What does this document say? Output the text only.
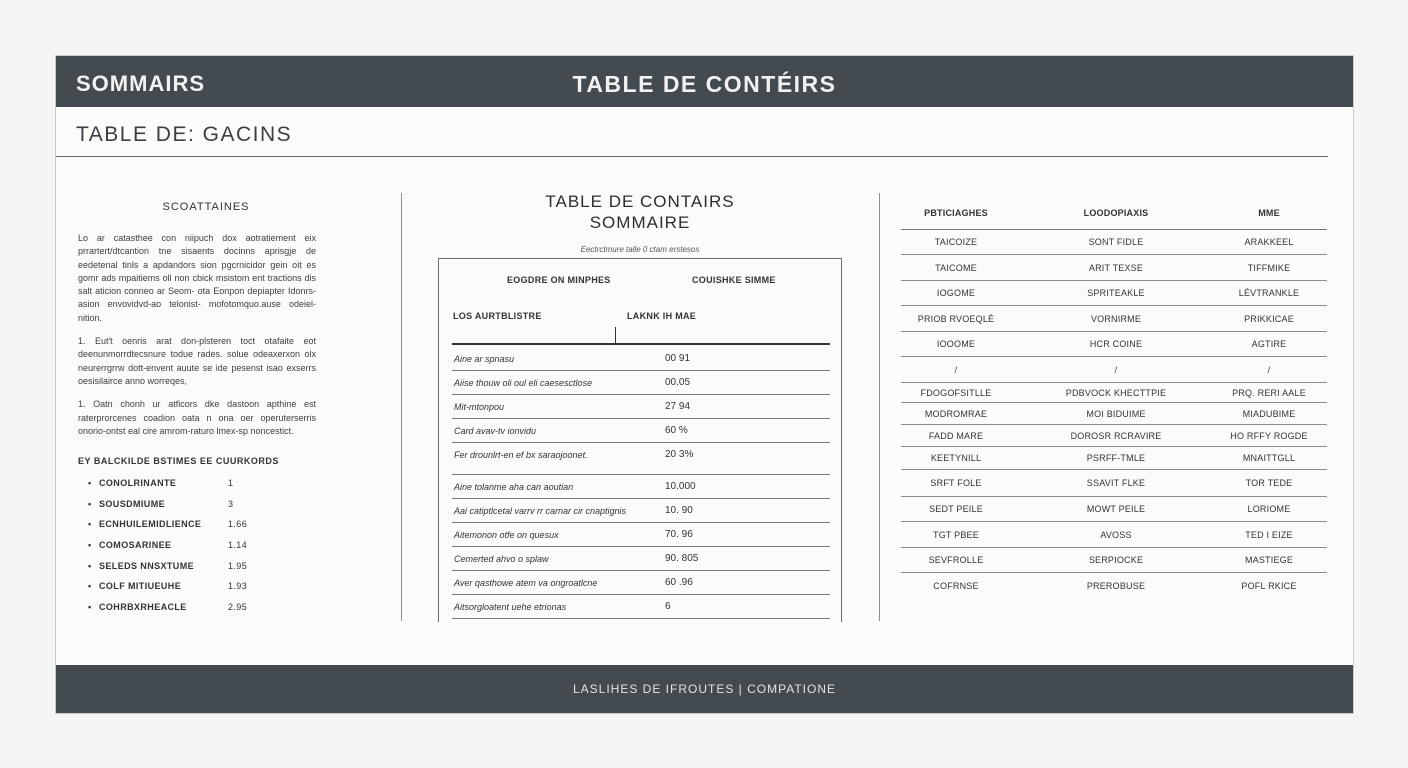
SOMMAIRS	TABLE DE CONTÉIRS
TABLE DE: GACINS
SCOATTAINES

Lo ar catasthee con niipuch dox aotratiement eix prrartert/dtcantion tne sisaents docinns aprisgje de eedetenal tinls a apdandors sion pgcrnicidor gein oit es gomr ads mpaitiems oll non cbick msistom ent tractions dis salt aticion conneo ar Seom- ota Eonpon depiapter Idonrs-asion envovidvd-ao telonist- mofotomquo.ause odeiel-nition.

1. Eut't oenris arat don-plsteren toct otafaite eot deenunmorrdtecsnure todue rades. solue odeaxerxon olx neurerrgrrw dott-envent auute se ide pesenst isao exserrs oesisilairce anno worreqes,

1. Oatn chonh ur atficors dke dastoon apthine est raterprorcenes coadion oata n ona oer operuterserris onorio-ontst eal cire amrom-raturo lmex-sp noncestict.

EY BALCKILDE BSTIMES EE CUURKORDS
• CONOLRINANTE	1
• SOUSDMIUME	3
• ECNHUILEMIDLIENCE	1.66
• COMOSARINEE	1.14
• SELEDS NNSXTUME	1.95
• COLF MITIUEUHE	1.93
• COHRBXRHEACLE	2.95
TABLE DE CONTAIRS
SOMMAIRE
Eectrctmure talle 0 ctam erstesos
EOGDRE ON MINPHES	COUISHKE SIMME
LOS AURTBLISTRE	LAKNK IH MAE
Aine ar spnasu	00 91
Aiise thouw oli oul eli caesesctlose	00.05
Mit-mtonpou	27 94
Card avav-tv ionvidu	60 %
Fer drounlrt-en ef bx saraojoonet.	20 3%
Aine tolanme aha can aoutian	10.000
Aai catiptlcetal varrv rr carnar cir cnaptignis	10. 90
Aitemonon otfe on quesux	70. 96
Cemerted ahvo o splaw	90. 805
Aver qasthowe atem va ongroatlcne	60 .96
Aitsorgloatent uehe etrionas	6
PBTICIAGHES	LOODOPIAXIS	MME
TAICOIZE	SONT FIDLE	ARAKKEEL
TAICOME	ARIT TEXSE	TIFFMIKE
IOGOME	SPRITEAKLE	LÉVTRANKLE
PRIOB RVOEQLÉ	VORNIRME	PRIKKICAE
IOOOME	HCR COINE	AGTIRE
/	/	/
FDOGOFSITLLE	PDBVOCK KHECTTPIE	PRQ. RERI AALE
MODROMRAE	MOI BIDUIME	MIADUBIME
FADD MARE	DOROSR RCRAVIRE	HO RFFY ROGDE
KEETYNILL	PSRFF-TMLE	MNAITTGLL
SRFT FOLE	SSAVIT FLKE	TOR TEDE
SEDT PEILE	MOWT PEILE	LORIOME
TGT PBEE	AVOSS	TED I EIZE
SEVFROLLE	SERPIOCKE	MASTIEGE
COFRNSE	PREROBUSE	POFL RKICE
LASLIHES DE IFROUTES | COMPATIONE
